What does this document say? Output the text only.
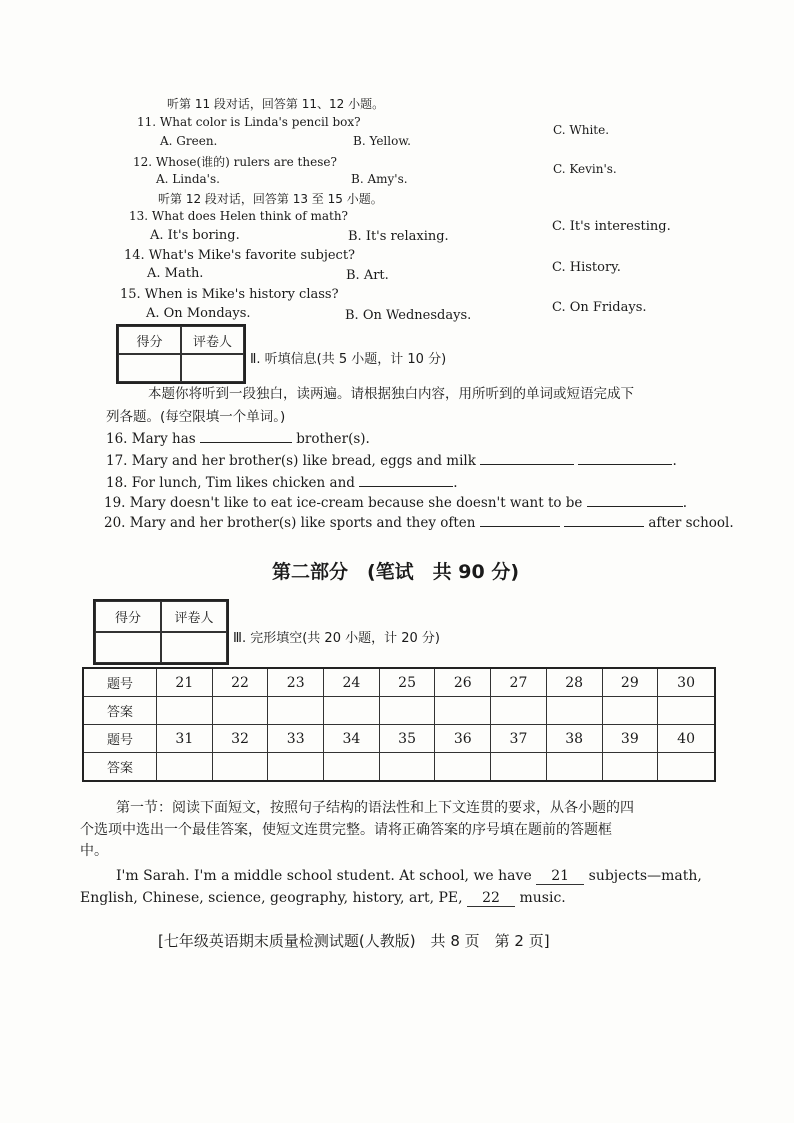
听第 11 段对话，回答第 11、12 小题。
11. What color is Linda's pencil box?
A. Green.	B. Yellow.
C. White.
12. Whose(谁的) rulers are these?
A. Linda's.	B. Amy's.
C. Kevin's.
听第 12 段对话，回答第 13 至 15 小题。
13. What does Helen think of math?
A. It's boring.	B. It's relaxing.
C. It's interesting.
14. What's Mike's favorite subject?
A. Math.	B. Art.
C. History.
15. When is Mike's history class?
A. On Mondays.	B. On Wednesdays.
C. On Fridays.
得分	评卷人
Ⅱ. 听填信息(共 5 小题，计 10 分)
本题你将听到一段独白，读两遍。请根据独白内容，用所听到的单词或短语完成下
列各题。(每空限填一个单词。)
16. Mary has	brother(s).
17. Mary and her brother(s) like bread, eggs and milk	.
18. For lunch, Tim likes chicken and	.
19. Mary doesn't like to eat ice-cream because she doesn't want to be	.
20. Mary and her brother(s) like sports and they often	after school.
第二部分　(笔试　共 90 分)
得分	评卷人
Ⅲ. 完形填空(共 20 小题，计 20 分)
题号	21	22	23	24	25	26	27	28	29	30
答案										
题号	31	32	33	34	35	36	37	38	39	40
答案										
第一节：阅读下面短文，按照句子结构的语法性和上下文连贯的要求，从各小题的四
个选项中选出一个最佳答案，使短文连贯完整。请将正确答案的序号填在题前的答题框
中。
I'm Sarah. I'm a middle school student. At school, we have 21 subjects—math,
English, Chinese, science, geography, history, art, PE, 22 music.
[七年级英语期末质量检测试题(人教版)　共 8 页　第 2 页]
